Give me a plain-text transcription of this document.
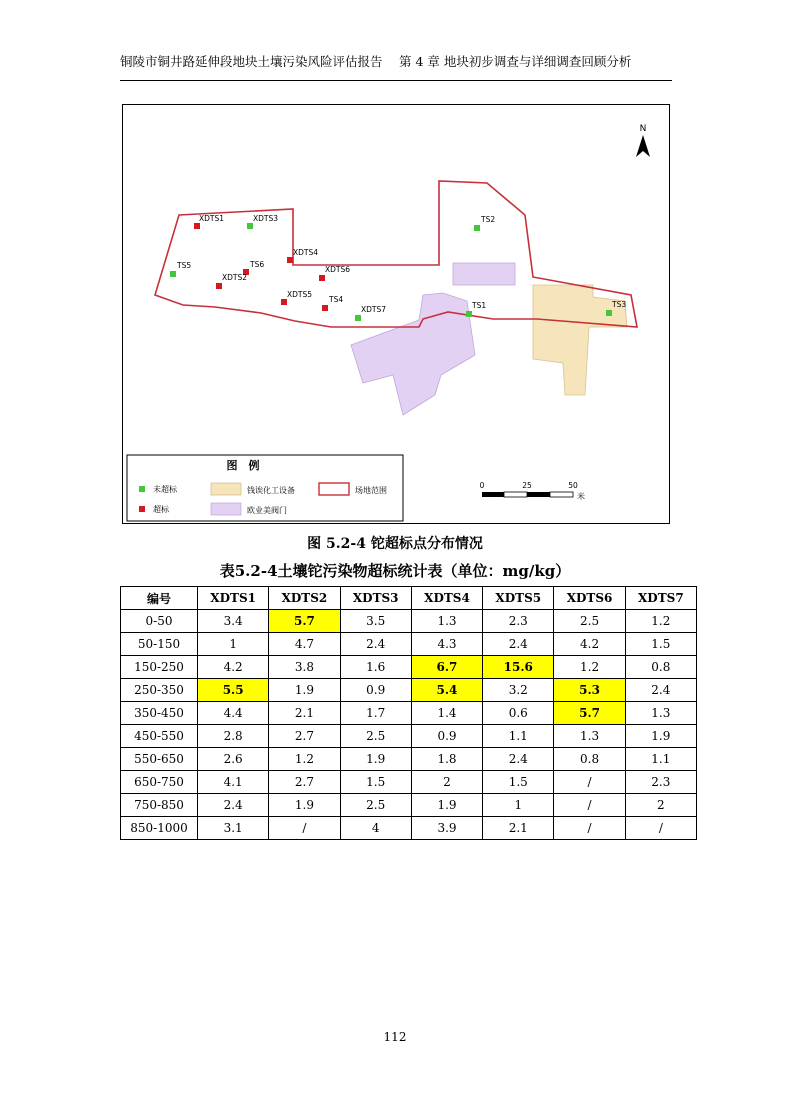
铜陵市铜井路延伸段地块土壤污染风险评估报告　 第 4 章 地块初步调查与详细调查回顾分析
N
XDTS1	XDTS3	TS2
XDTS4
TS5	TS6
XDTS2
XDTS6
XDTS5
TS4
XDTS7	TS1	TS3
图　例
未超标
超标
钱诶化工设备
欧业美阀门
场地范围
0	25	50
米
图 5.2-4 铊超标点分布情况
表5.2-4土壤铊污染物超标统计表（单位：mg/kg）
编号	XDTS1	XDTS2	XDTS3	XDTS4	XDTS5	XDTS6	XDTS7
0-50	3.4	5.7	3.5	1.3	2.3	2.5	1.2
50-150	1	4.7	2.4	4.3	2.4	4.2	1.5
150-250	4.2	3.8	1.6	6.7	15.6	1.2	0.8
250-350	5.5	1.9	0.9	5.4	3.2	5.3	2.4
350-450	4.4	2.1	1.7	1.4	0.6	5.7	1.3
450-550	2.8	2.7	2.5	0.9	1.1	1.3	1.9
550-650	2.6	1.2	1.9	1.8	2.4	0.8	1.1
650-750	4.1	2.7	1.5	2	1.5	/	2.3
750-850	2.4	1.9	2.5	1.9	1	/	2
850-1000	3.1	/	4	3.9	2.1	/	/
112
